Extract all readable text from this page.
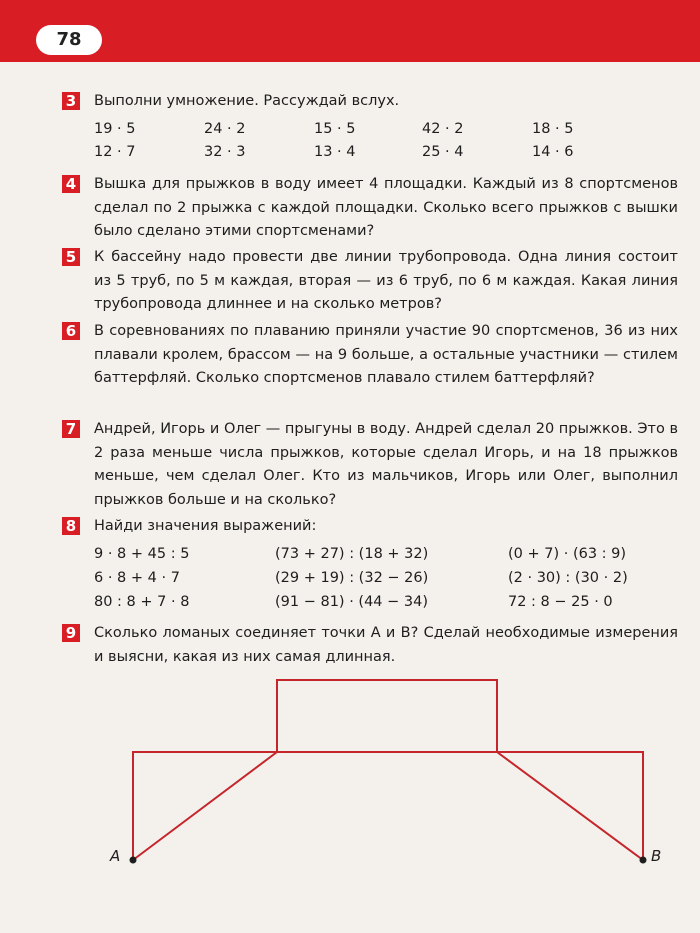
78
3 Выполни умножение. Рассуждай вслух.
19 · 5	24 · 2	15 · 5	42 · 2	18 · 5
12 · 7	32 · 3	13 · 4	25 · 4	14 · 6
4 Вышка для прыжков в воду имеет 4 площадки. Каждый из 8 спортсменов сделал по 2 прыжка с каждой площадки. Сколько всего прыжков с вышки было сделано этими спортсменами?
5 К бассейну надо провести две линии трубопровода. Одна линия состоит из 5 труб, по 5 м каждая, вторая — из 6 труб, по 6 м каждая. Какая линия трубопровода длиннее и на сколько метров?
6 В соревнованиях по плаванию приняли участие 90 спортсменов, 36 из них плавали кролем, брассом — на 9 больше, а остальные участники — стилем баттерфляй. Сколько спортсменов плавало стилем баттерфляй?
7 Андрей, Игорь и Олег — прыгуны в воду. Андрей сделал 20 прыжков. Это в 2 раза меньше числа прыжков, которые сделал Игорь, и на 18 прыжков меньше, чем сделал Олег. Кто из мальчиков, Игорь или Олег, выполнил прыжков больше и на сколько?
8 Найди значения выражений:
9 · 8 + 45 : 5	(73 + 27) : (18 + 32)	(0 + 7) · (63 : 9)
6 · 8 + 4 · 7	(29 + 19) : (32 − 26)	(2 · 30) : (30 · 2)
80 : 8 + 7 · 8	(91 − 81) · (44 − 34)	72 : 8 − 25 · 0
9 Сколько ломаных соединяет точки A и B? Сделай необходимые измерения и выясни, какая из них самая длинная.
A	B
